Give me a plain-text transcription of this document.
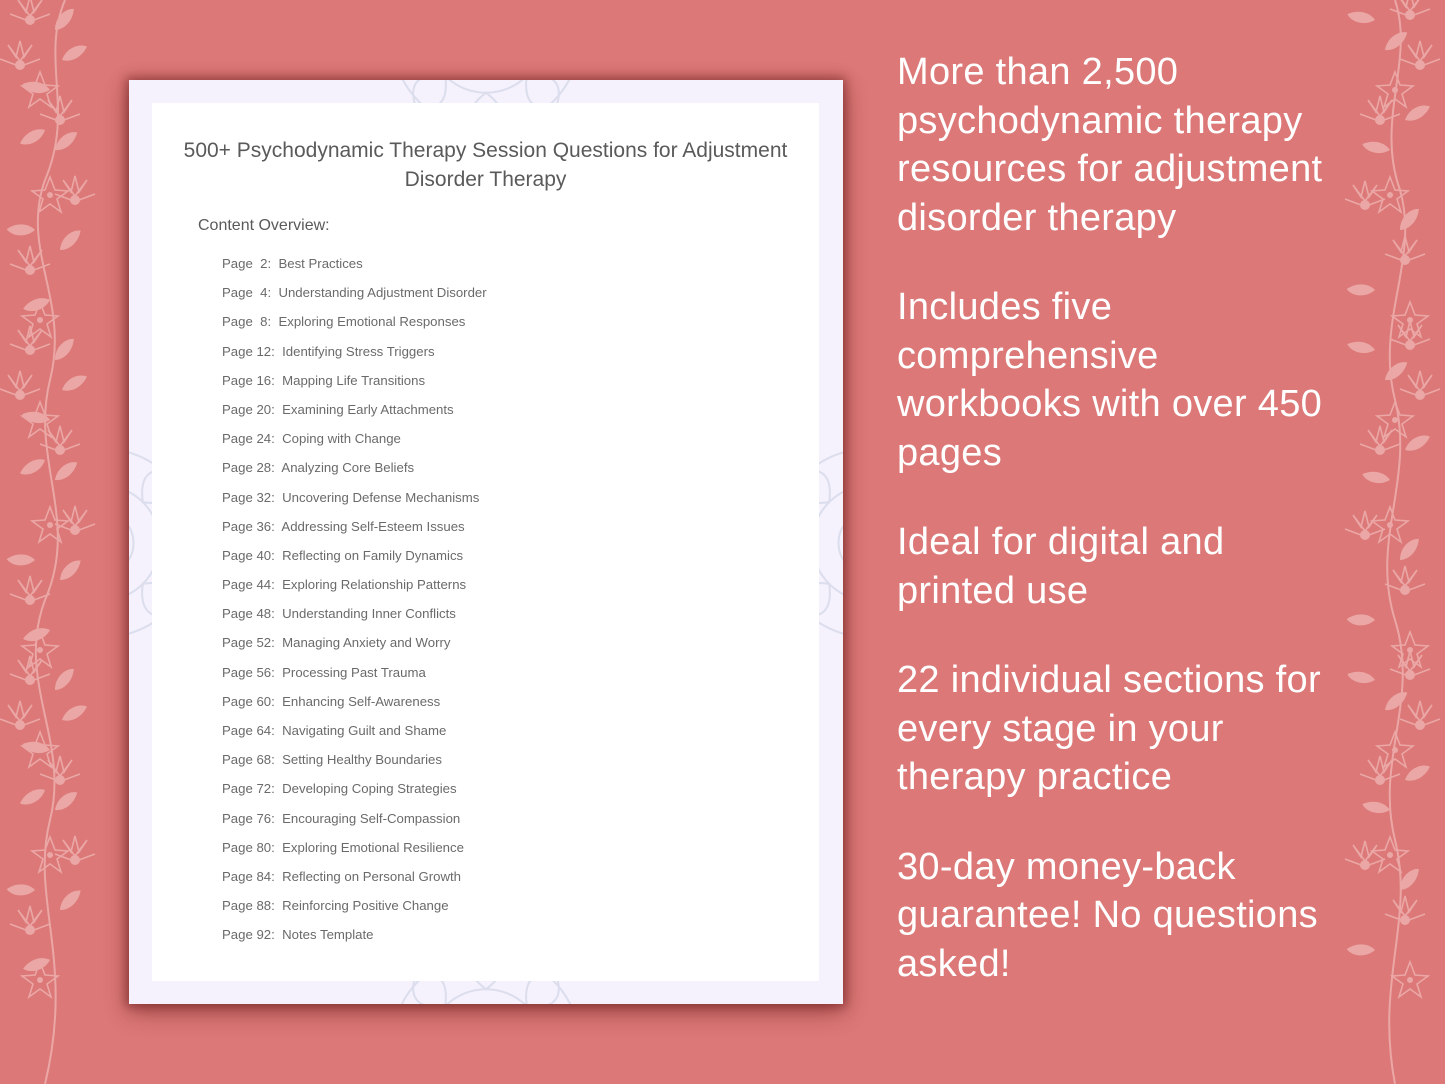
500+ Psychodynamic Therapy Session Questions for Adjustment Disorder Therapy
Content Overview:
Page  2: Best Practices
Page  4: Understanding Adjustment Disorder
Page  8: Exploring Emotional Responses
Page 12: Identifying Stress Triggers
Page 16: Mapping Life Transitions
Page 20: Examining Early Attachments
Page 24: Coping with Change
Page 28: Analyzing Core Beliefs
Page 32: Uncovering Defense Mechanisms
Page 36: Addressing Self-Esteem Issues
Page 40: Reflecting on Family Dynamics
Page 44: Exploring Relationship Patterns
Page 48: Understanding Inner Conflicts
Page 52: Managing Anxiety and Worry
Page 56: Processing Past Trauma
Page 60: Enhancing Self-Awareness
Page 64: Navigating Guilt and Shame
Page 68: Setting Healthy Boundaries
Page 72: Developing Coping Strategies
Page 76: Encouraging Self-Compassion
Page 80: Exploring Emotional Resilience
Page 84: Reflecting on Personal Growth
Page 88: Reinforcing Positive Change
Page 92: Notes Template

More than 2,500 psychodynamic therapy resources for adjustment disorder therapy

Includes five comprehensive workbooks with over 450 pages

Ideal for digital and printed use

22 individual sections for every stage in your therapy practice

30-day money-back guarantee! No questions asked!
